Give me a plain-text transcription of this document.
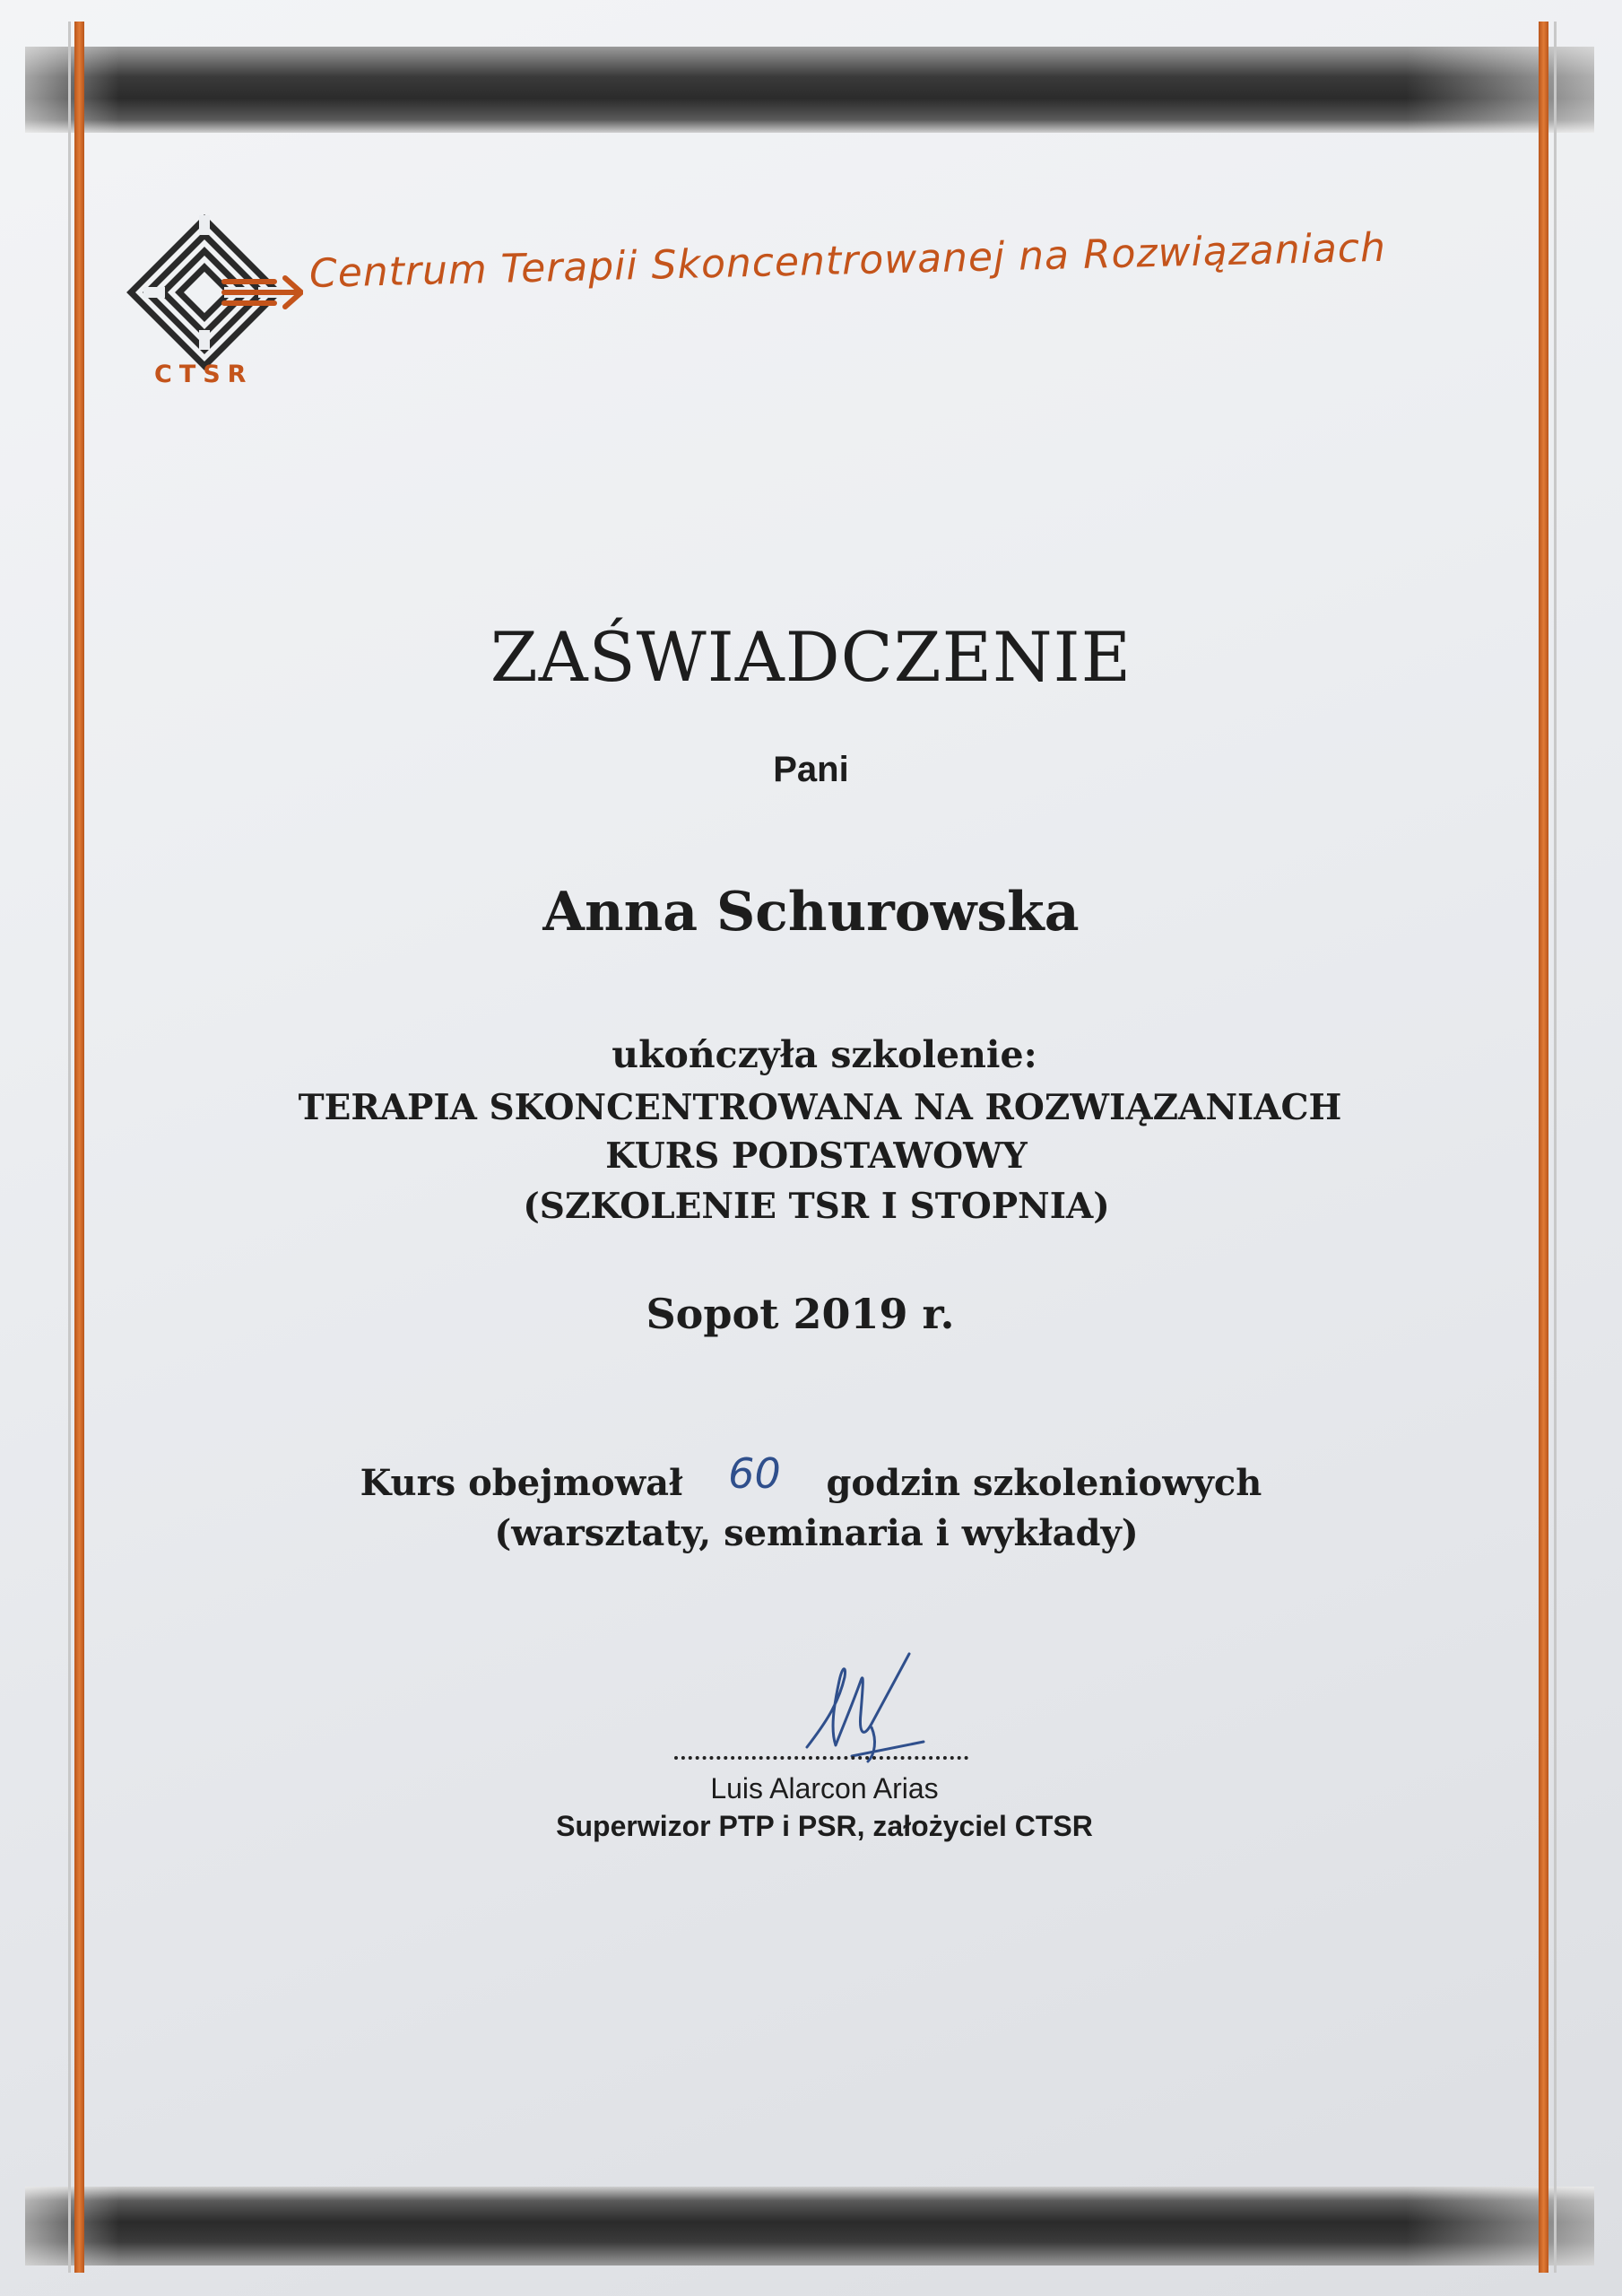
Centrum Terapii Skoncentrowanej na Rozwiązaniach
CTSR
ZAŚWIADCZENIE
Pani
Anna Schurowska
ukończyła szkolenie:
TERAPIA SKONCENTROWANA NA ROZWIĄZANIACH
KURS PODSTAWOWY
(SZKOLENIE TSR I STOPNIA)
Sopot 2019 r.
Kurs obejmował 60 godzin szkoleniowych
(warsztaty, seminaria i wykłady)
Luis Alarcon Arias
Superwizor PTP i PSR, założyciel CTSR
